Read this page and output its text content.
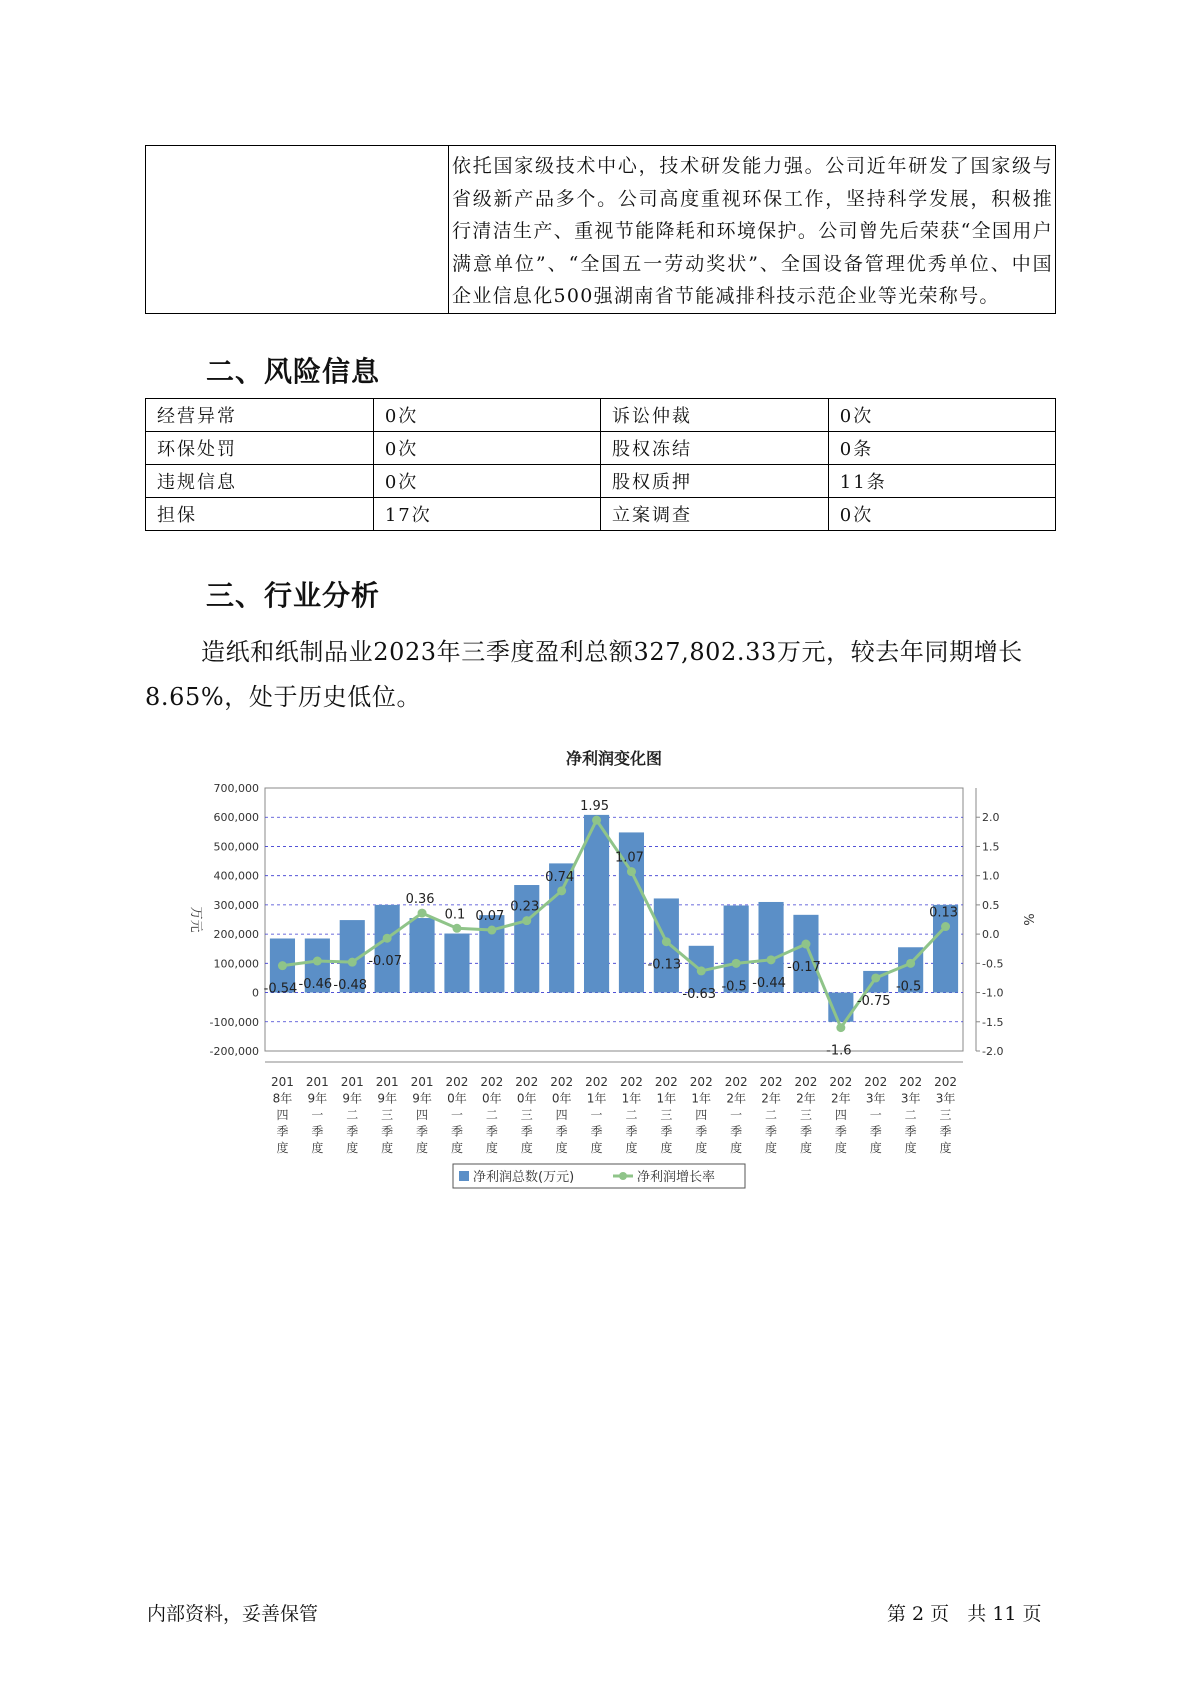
依托国家级技术中心，技术研发能力强。公司近年研发了国家级与省级新产品多个。公司高度重视环保工作，坚持科学发展，积极推行清洁生产、重视节能降耗和环境保护。公司曾先后荣获“全国用户满意单位”、“全国五一劳动奖状”、全国设备管理优秀单位、中国企业信息化500强湖南省节能减排科技示范企业等光荣称号。
二、风险信息
经营异常	0次	诉讼仲裁	0次
环保处罚	0次	股权冻结	0条
违规信息	0次	股权质押	11条
担保	17次	立案调查	0次
三、行业分析
造纸和纸制品业2023年三季度盈利总额327,802.33万元，较去年同期增长8.65%，处于历史低位。
净利润变化图
700,000
600,000
500,000
400,000
300,000
200,000
100,000
0
-100,000
-200,000
万元
2.0
1.5
1.0
0.5
0.0
-0.5
-1.0
-1.5
-2.0
%
-0.54 -0.46 -0.48
-0.07
0.36
0.1 0.07
0.23
0.74
1.95
1.07
-0.13
-0.63
-0.5 -0.44
-0.17
-1.6
-0.75
-0.5
0.13
201
8年
四
季
度
201
9年
一
季
度
201
9年
二
季
度
201
9年
三
季
度
201
9年
四
季
度
202
0年
一
季
度
202
0年
二
季
度
202
0年
三
季
度
202
0年
四
季
度
202
1年
一
季
度
202
1年
二
季
度
202
1年
三
季
度
202
1年
四
季
度
202
2年
一
季
度
202
2年
二
季
度
202
2年
三
季
度
202
2年
四
季
度
202
3年
一
季
度
202
3年
二
季
度
202
3年
三
季
度
净利润总数(万元)	净利润增长率
内部资料，妥善保管	第 2 页   共 11 页
